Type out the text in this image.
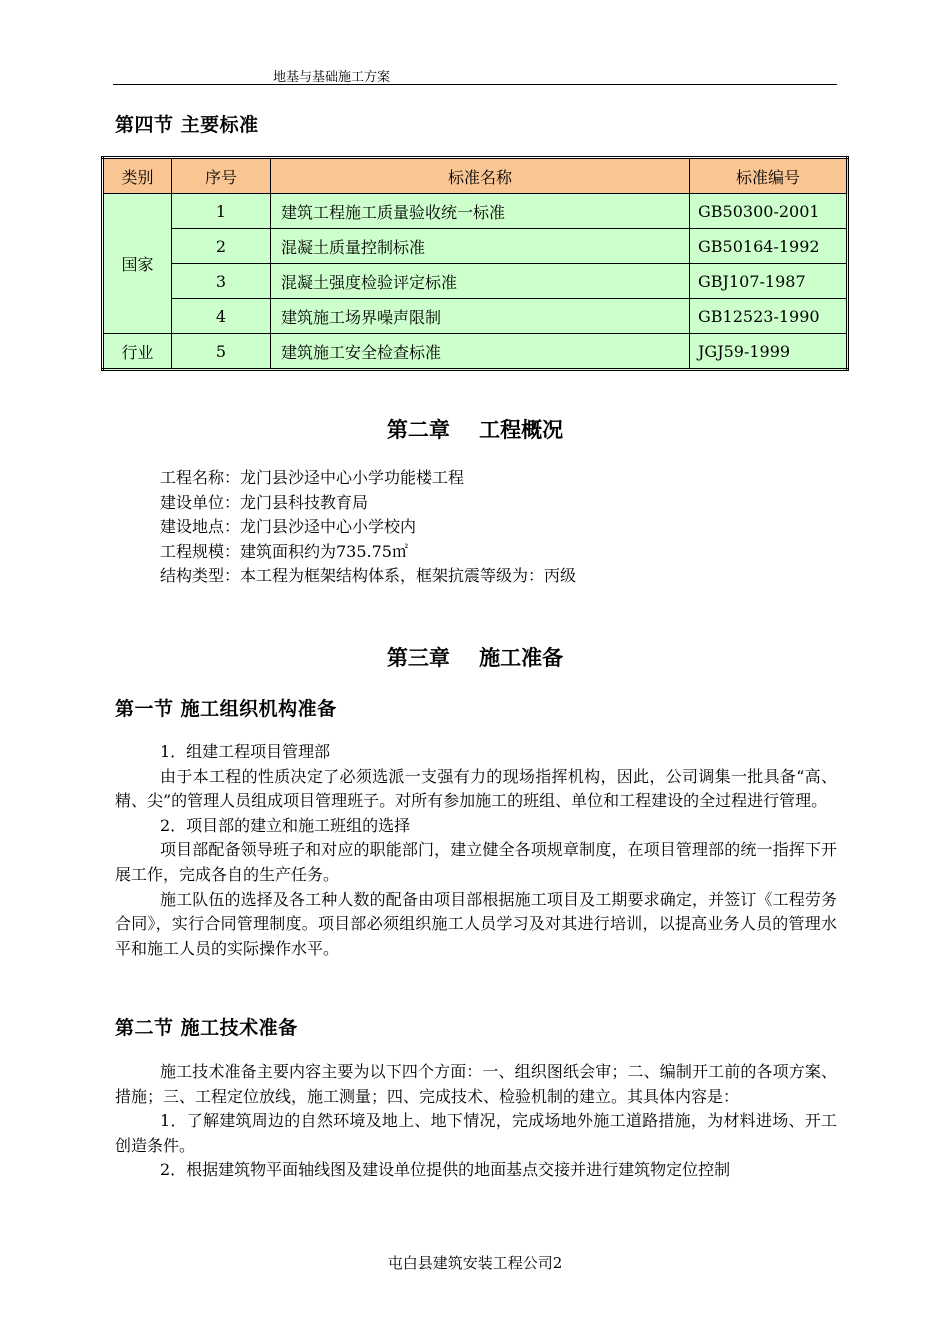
地基与基础施工方案
第四节 主要标准
类别	序号	标准名称	标准编号
国家	1	建筑工程施工质量验收统一标准	GB50300-2001
	2	混凝土质量控制标准	GB50164-1992
	3	混凝土强度检验评定标准	GBJ107-1987
	4	建筑施工场界噪声限制	GB12523-1990
行业	5	建筑施工安全检查标准	JGJ59-1999
第二章    工程概况
工程名称：龙门县沙迳中心小学功能楼工程
建设单位：龙门县科技教育局
建设地点：龙门县沙迳中心小学校内
工程规模：建筑面积约为735.75㎡
结构类型：本工程为框架结构体系，框架抗震等级为：丙级
第三章    施工准备
第一节 施工组织机构准备

1．组建工程项目管理部

由于本工程的性质决定了必须选派一支强有力的现场指挥机构，因此，公司调集一批具备“高、精、尖”的管理人员组成项目管理班子。对所有参加施工的班组、单位和工程建设的全过程进行管理。

2．项目部的建立和施工班组的选择

项目部配备领导班子和对应的职能部门，建立健全各项规章制度，在项目管理部的统一指挥下开展工作，完成各自的生产任务。

施工队伍的选择及各工种人数的配备由项目部根据施工项目及工期要求确定，并签订《工程劳务合同》，实行合同管理制度。项目部必须组织施工人员学习及对其进行培训，以提高业务人员的管理水平和施工人员的实际操作水平。

第二节 施工技术准备

施工技术准备主要内容主要为以下四个方面：一、组织图纸会审；二、编制开工前的各项方案、措施；三、工程定位放线，施工测量；四、完成技术、检验机制的建立。其具体内容是：

1．了解建筑周边的自然环境及地上、地下情况，完成场地外施工道路措施，为材料进场、开工创造条件。

2．根据建筑物平面轴线图及建设单位提供的地面基点交接并进行建筑物定位控制

屯白县建筑安装工程公司2
